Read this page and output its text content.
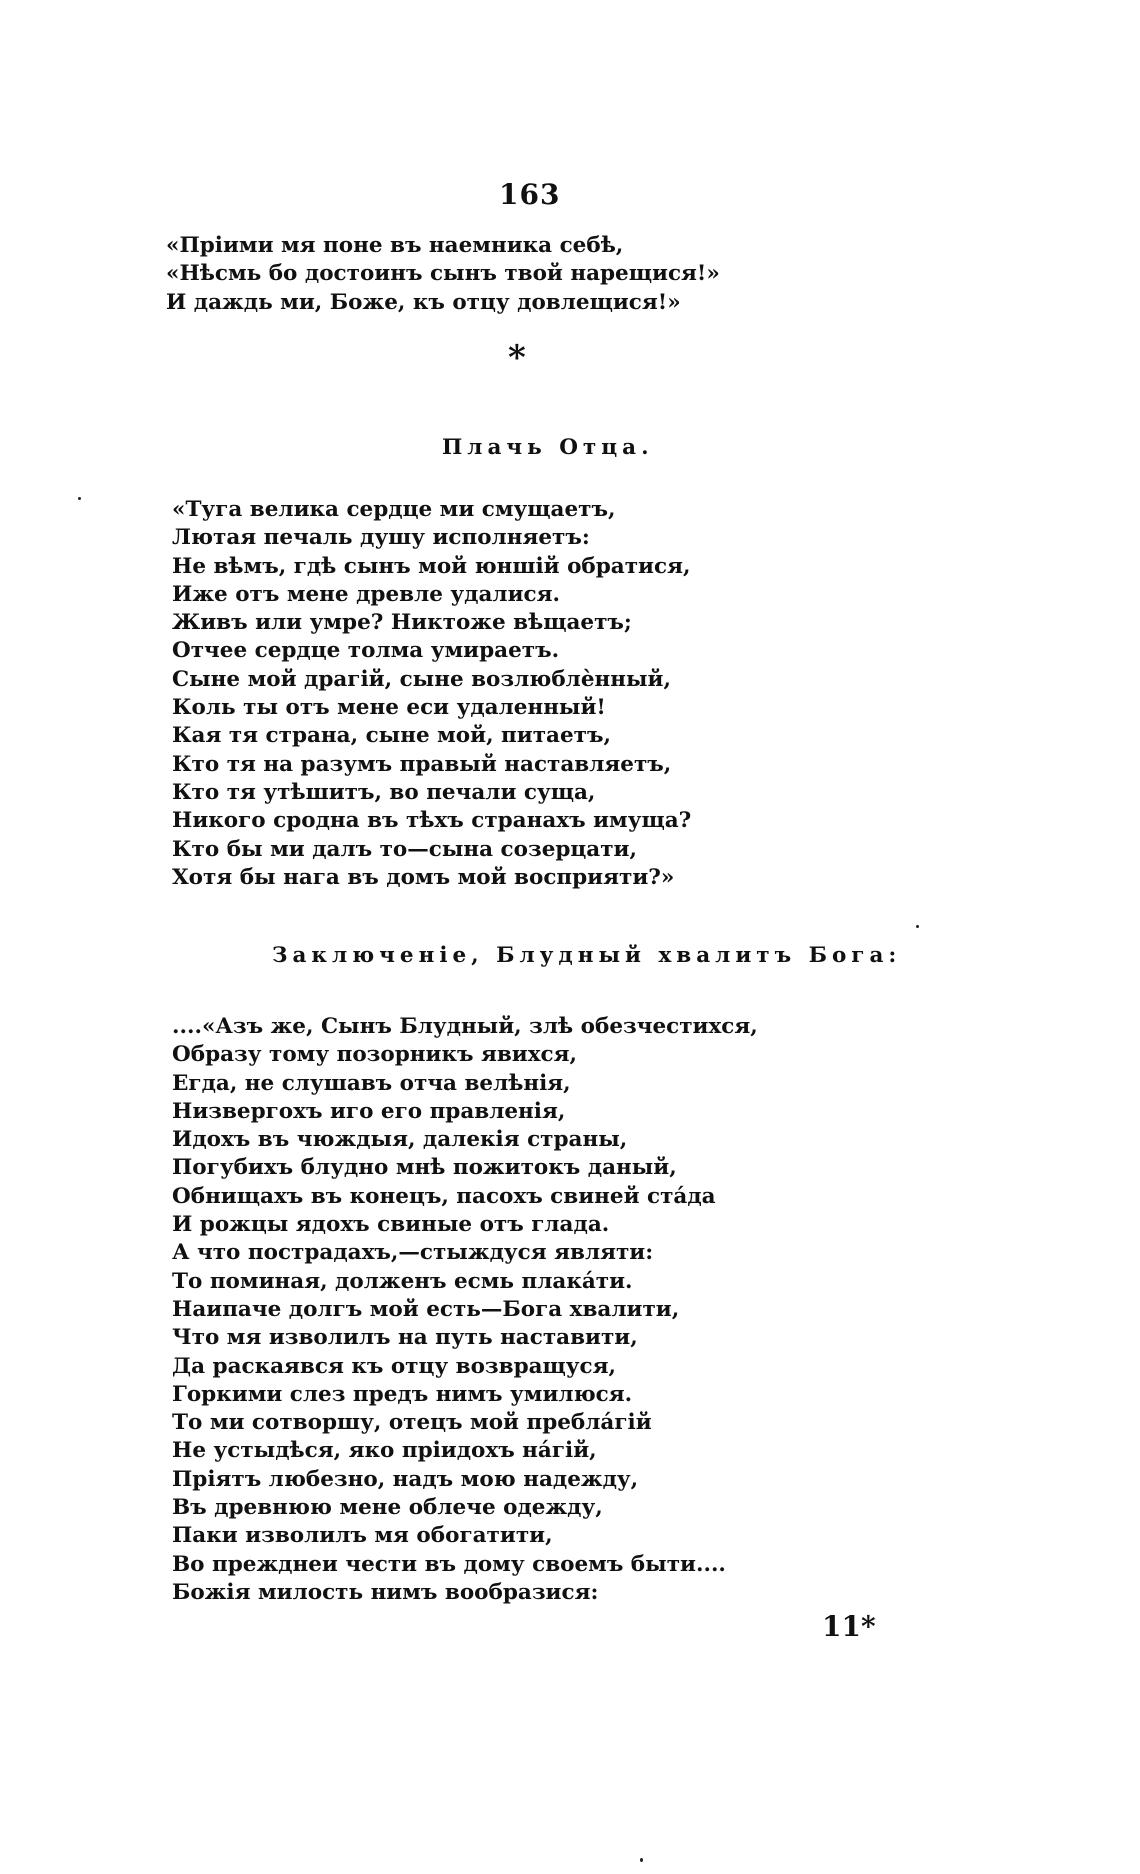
163
«Пріими мя поне въ наемника себѣ,
«Нѣсмь бо достоинъ сынъ твой нарещися!»
И даждь ми, Боже, къ отцу довлещися!»
*
Плачь Отца.
«Туга велика сердце ми смущаетъ,
Лютая печаль душу исполняетъ:
Не вѣмъ, гдѣ сынъ мой юншій обратися,
Иже отъ мене древле удалися.
Живъ или умре? Никтоже вѣщаетъ;
Отчее сердце толма умираетъ.
Сыне мой драгій, сыне возлюблѐнный,
Коль ты отъ мене еси удаленный!
Кая тя страна, сыне мой, питаетъ,
Кто тя на разумъ правый наставляетъ,
Кто тя утѣшитъ, во печали суща,
Никого сродна въ тѣхъ странахъ имуща?
Кто бы ми далъ то—сына созерцати,
Хотя бы нага въ домъ мой восприяти?»
Заключеніе, Блудный хвалитъ Бога:
....«Азъ же, Сынъ Блудный, злѣ обезчестихся,
Образу тому позорникъ явихся,
Егда, не слушавъ отча велѣнія,
Низвергохъ иго его правленія,
Идохъ въ чюждыя, далекія страны,
Погубихъ блудно мнѣ пожитокъ даный,
Обнищахъ въ конецъ, пасохъ свиней стáда
И рожцы ядохъ свиные отъ глада.
А что пострадахъ,—стыждуся являти:
То поминая, долженъ есмь плакáти.
Наипаче долгъ мой есть—Бога хвалити,
Что мя изволилъ на путь наставити,
Да раскаявся къ отцу возвращуся,
Горкими слез предъ нимъ умилюся.
То ми сотворшу, отецъ мой преблáгій
Не устыдѣся, яко пріидохъ нáгій,
Пріятъ любезно, надъ мою надежду,
Въ древнюю мене облече одежду,
Паки изволилъ мя обогатити,
Во прежднеи чести въ дому своемъ быти....
Божія милость нимъ вообразися:
11*
